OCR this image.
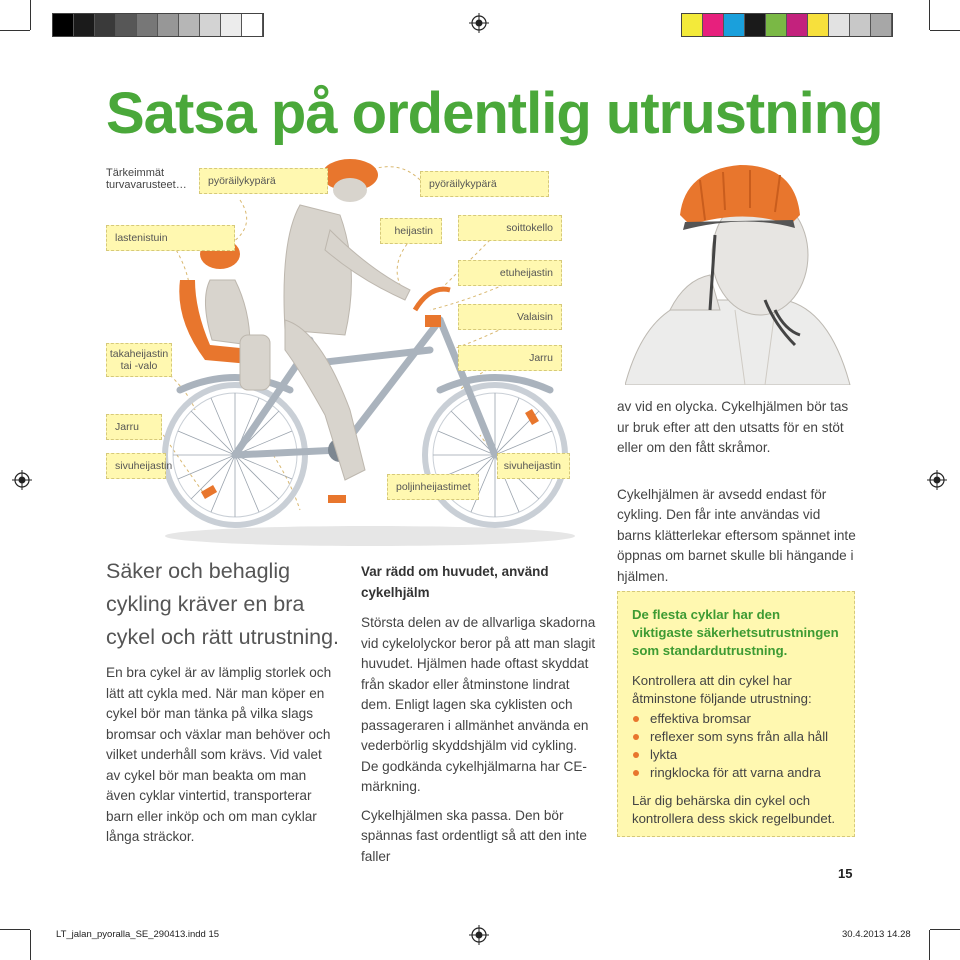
Satsa på ordentlig utrustning
Tärkeimmät turvavarusteet…	pyöräilykypärä	pyöräilykypärä
lastenistuin
heijastin	soittokello
etuheijastin
Valaisin
takaheijastin tai -valo
Jarru
Jarru
sivuheijastin
poljinheijastimet
sivuheijastin
Säker och behaglig cykling kräver en bra cykel och rätt utrustning.

En bra cykel är av lämplig storlek och lätt att cykla med. När man köper en cykel bör man tänka på vilka slags bromsar och växlar man behöver och vilket underhåll som krävs. Vid valet av cykel bör man beakta om man även cyklar vintertid, transporterar barn eller inköp och om man cyklar långa sträckor.

Var rädd om huvudet, använd cykelhjälm

Största delen av de allvarliga skadorna vid cykelolyckor beror på att man slagit huvudet. Hjälmen hade oftast skyddat från skador eller åtminstone lindrat dem. Enligt lagen ska cyklisten och passageraren i allmänhet använda en vederbörlig skyddshjälm vid cykling. De godkända cykelhjälmarna har CE-märkning.

Cykelhjälmen ska passa. Den bör spännas fast ordentligt så att den inte faller

av vid en olycka. Cykelhjälmen bör tas ur bruk efter att den utsatts för en stöt eller om den fått skråmor.

Cykelhjälmen är avsedd endast för cykling. Den får inte användas vid barns klätterlekar eftersom spännet inte öppnas om barnet skulle bli hängande i hjälmen.

De flesta cyklar har den viktigaste säkerhetsutrustningen som standardutrustning.
Kontrollera att din cykel har åtminstone följande utrustning:
effektiva bromsar
reflexer som syns från alla håll
lykta
ringklocka för att varna andra
Lär dig behärska din cykel och kontrollera dess skick regelbundet.
15
LT_jalan_pyoralla_SE_290413.indd 15	30.4.2013 14.28
